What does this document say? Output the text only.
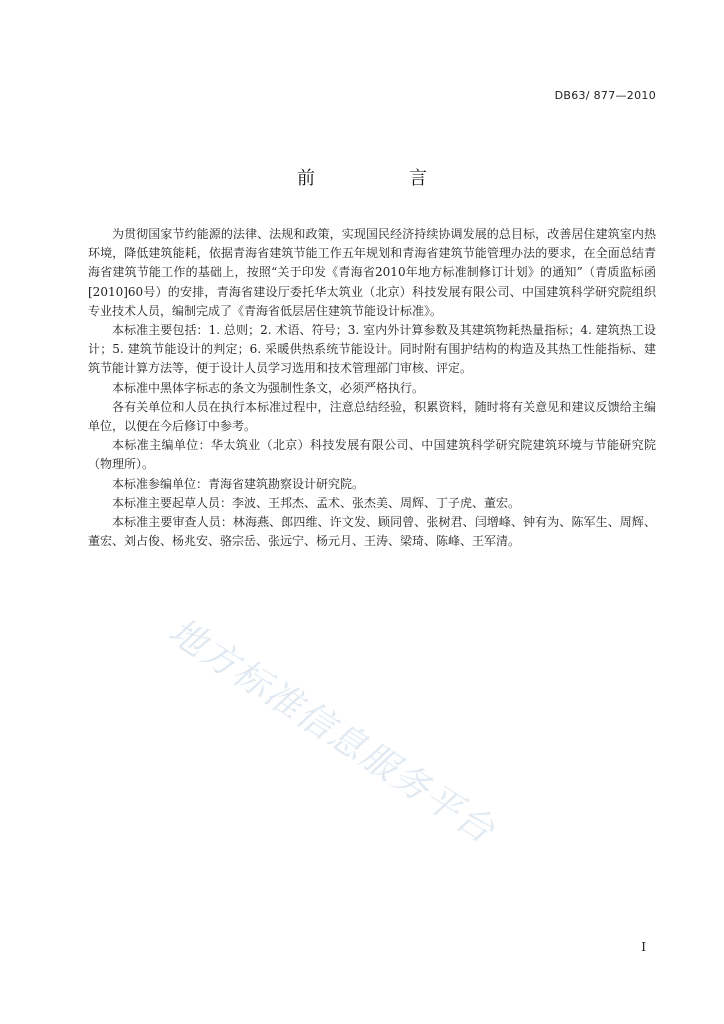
DB63/ 877—2010
前　言

为贯彻国家节约能源的法律、法规和政策，实现国民经济持续协调发展的总目标，改善居住建筑室内热环境，降低建筑能耗，依据青海省建筑节能工作五年规划和青海省建筑节能管理办法的要求，在全面总结青海省建筑节能工作的基础上，按照“关于印发《青海省2010年地方标准制修订计划》的通知”（青质监标函[2010]60号）的安排，青海省建设厅委托华太筑业（北京）科技发展有限公司、中国建筑科学研究院组织专业技术人员，编制完成了《青海省低层居住建筑节能设计标准》。

本标准主要包括：1. 总则；2. 术语、符号；3. 室内外计算参数及其建筑物耗热量指标；4. 建筑热工设计；5. 建筑节能设计的判定；6. 采暖供热系统节能设计。同时附有围护结构的构造及其热工性能指标、建筑节能计算方法等，便于设计人员学习选用和技术管理部门审核、评定。

本标准中黑体字标志的条文为强制性条文，必须严格执行。

各有关单位和人员在执行本标准过程中，注意总结经验，积累资料，随时将有关意见和建议反馈给主编单位，以便在今后修订中参考。

本标准主编单位：华太筑业（北京）科技发展有限公司、中国建筑科学研究院建筑环境与节能研究院（物理所）。

本标准参编单位：青海省建筑勘察设计研究院。

本标准主要起草人员：李波、王邦杰、孟术、张杰美、周辉、丁子虎、董宏。

本标准主要审查人员：林海燕、郎四维、许文发、顾同曾、张树君、闫增峰、钟有为、陈军生、周辉、董宏、刘占俊、杨兆安、骆宗岳、张远宁、杨元月、王涛、梁琦、陈峰、王军清。

地方标准信息服务平台
I
